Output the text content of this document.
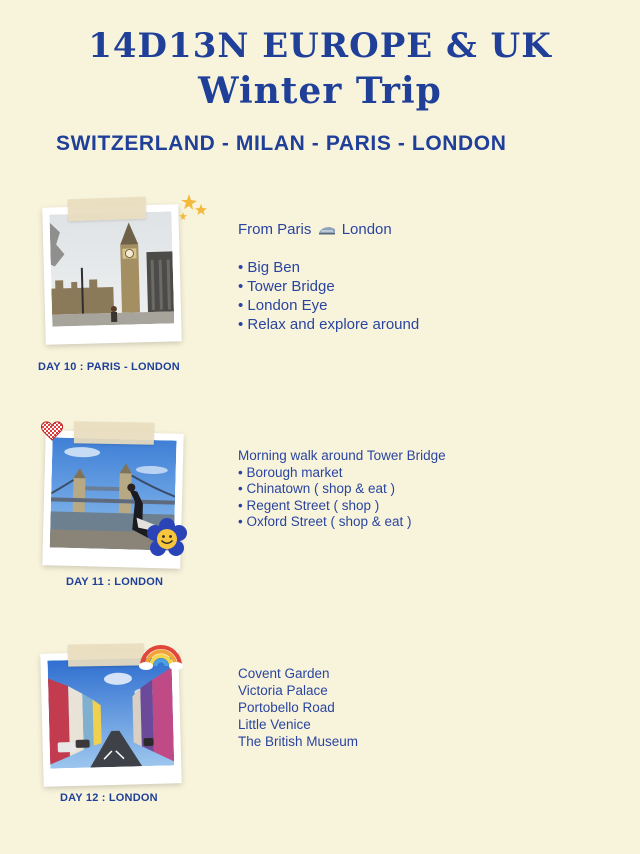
14D13N EUROPE & UK
Winter Trip
SWITZERLAND - MILAN - PARIS - LONDON
DAY 10 : PARIS - LONDON
From Paris London
• Big Ben
• Tower Bridge
• London Eye
• Relax and explore around
DAY 11 : LONDON
Morning walk around Tower Bridge
• Borough market
• Chinatown ( shop & eat )
• Regent Street ( shop )
• Oxford Street ( shop & eat )
DAY 12 : LONDON
Covent Garden
Victoria Palace
Portobello Road
Little Venice
The British Museum
